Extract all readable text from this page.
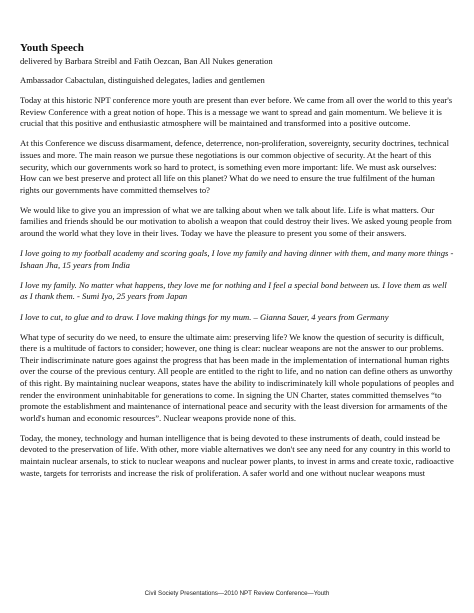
Youth Speech
delivered by Barbara Streibl and Fatih Oezcan, Ban All Nukes generation

Ambassador Cabactulan, distinguished delegates, ladies and gentlemen

Today at this historic NPT conference more youth are present than ever before. We came from all over the world to this year's Review Conference with a great notion of hope. This is a message we want to spread and gain momentum. We believe it is crucial that this positive and enthusiastic atmosphere will be maintained and transformed into a positive outcome.

At this Conference we discuss disarmament, defence, deterrence, non-proliferation, sovereignty, security doctrines, technical issues and more. The main reason we pursue these negotiations is our common objective of security. At the heart of this security, which our governments work so hard to protect, is something even more important: life. We must ask ourselves: How can we best preserve and protect all life on this planet? What do we need to ensure the true fulfilment of the human rights our governments have committed themselves to?

We would like to give you an impression of what we are talking about when we talk about life. Life is what matters. Our families and friends should be our motivation to abolish a weapon that could destroy their lives. We asked young people from around the world what they love in their lives. Today we have the pleasure to present you some of their answers.

I love going to my football academy and scoring goals, I love my family and having dinner with them, and many more things - Ishaan Jha, 15 years from India

I love my family. No matter what happens, they love me for nothing and I feel a special bond between us. I love them as well as I thank them. - Sumi Iyo, 25 years from Japan

I love to cut, to glue and to draw. I love making things for my mum. – Gianna Sauer, 4 years from Germany

What type of security do we need, to ensure the ultimate aim: preserving life? We know the question of security is difficult, there is a multitude of factors to consider; however, one thing is clear: nuclear weapons are not the answer to our problems. Their indiscriminate nature goes against the progress that has been made in the implementation of international human rights over the course of the previous century. All people are entitled to the right to life, and no nation can define others as unworthy of this right. By maintaining nuclear weapons, states have the ability to indiscriminately kill whole populations of peoples and render the environment uninhabitable for generations to come. In signing the UN Charter, states committed themselves “to promote the establishment and maintenance of international peace and security with the least diversion for armaments of the world's human and economic resources”. Nuclear weapons provide none of this.

Today, the money, technology and human intelligence that is being devoted to these instruments of death, could instead be devoted to the preservation of life. With other, more viable alternatives we don't see any need for any country in this world to maintain nuclear arsenals, to stick to nuclear weapons and nuclear power plants, to invest in arms and create toxic, radioactive waste, targets for terrorists and increase the risk of proliferation. A safer world and one without nuclear weapons must

Civil Society Presentations—2010 NPT Review Conference—Youth
